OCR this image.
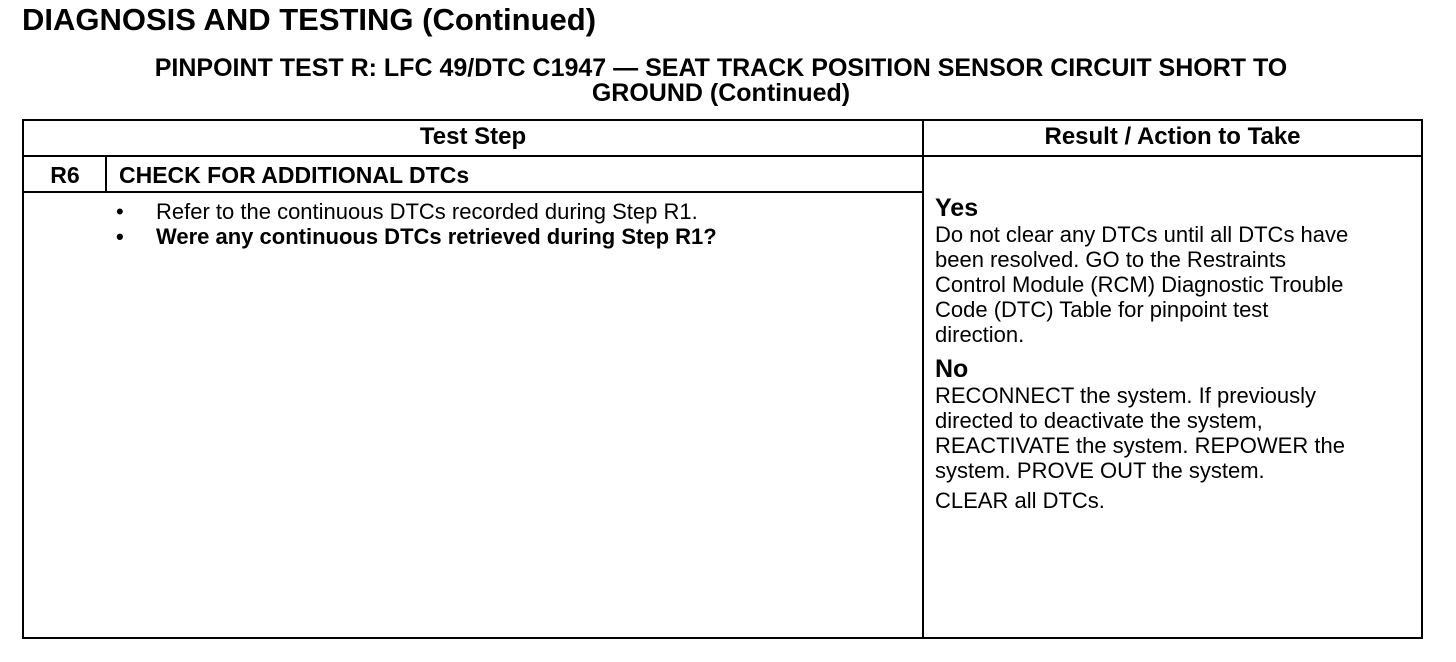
DIAGNOSIS AND TESTING (Continued)
PINPOINT TEST R: LFC 49/DTC C1947 — SEAT TRACK POSITION SENSOR CIRCUIT SHORT TO
GROUND (Continued)
Test Step	Result / Action to Take
R6	CHECK FOR ADDITIONAL DTCs
• Refer to the continuous DTCs recorded during Step R1.
• Were any continuous DTCs retrieved during Step R1?
Yes
Do not clear any DTCs until all DTCs have
been resolved. GO to the Restraints
Control Module (RCM) Diagnostic Trouble
Code (DTC) Table for pinpoint test
direction.
No
RECONNECT the system. If previously
directed to deactivate the system,
REACTIVATE the system. REPOWER the
system. PROVE OUT the system.
CLEAR all DTCs.
